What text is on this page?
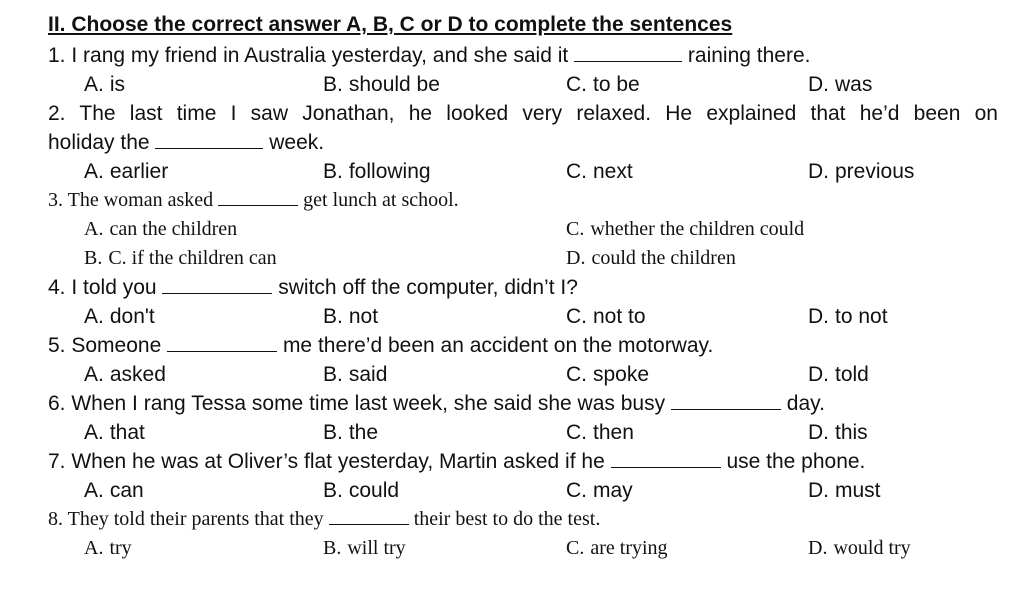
II. Choose the correct answer A, B, C or D to complete the sentences
1. I rang my friend in Australia yesterday, and she said it	raining there.
A. is	B. should be	C. to be	D. was
2. The last time I saw Jonathan, he looked very relaxed. He explained that he’d been on
holiday the	week.
A. earlier	B. following	C. next	D. previous
3. The woman asked	get lunch at school.
A. can the children	C. whether the children could
B. C. if the children can	D. could the children
4. I told you	switch off the computer, didn’t I?
A. don't	B. not	C. not to	D. to not
5. Someone	me there’d been an accident on the motorway.
A. asked	B. said	C. spoke	D. told
6. When I rang Tessa some time last week, she said she was busy	day.
A. that	B. the	C. then	D. this
7. When he was at Oliver’s flat yesterday, Martin asked if he	use the phone.
A. can	B. could	C. may	D. must
8. They told their parents that they	their best to do the test.
A. try	B. will try	C. are trying	D. would try
